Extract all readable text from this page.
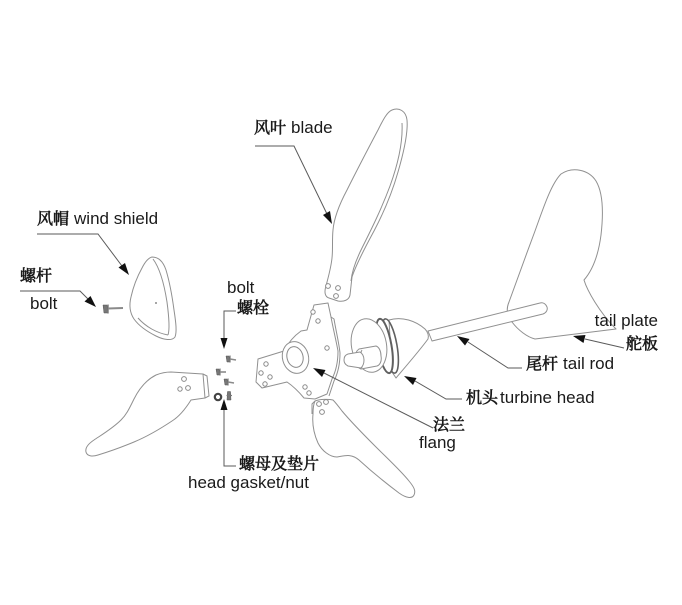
风叶 blade
风帽 wind shield
螺杆
bolt
bolt
螺栓
螺母及垫片
head gasket/nut
法兰
flang
机头 turbine head
尾杆 tail rod
tail plate
舵板
